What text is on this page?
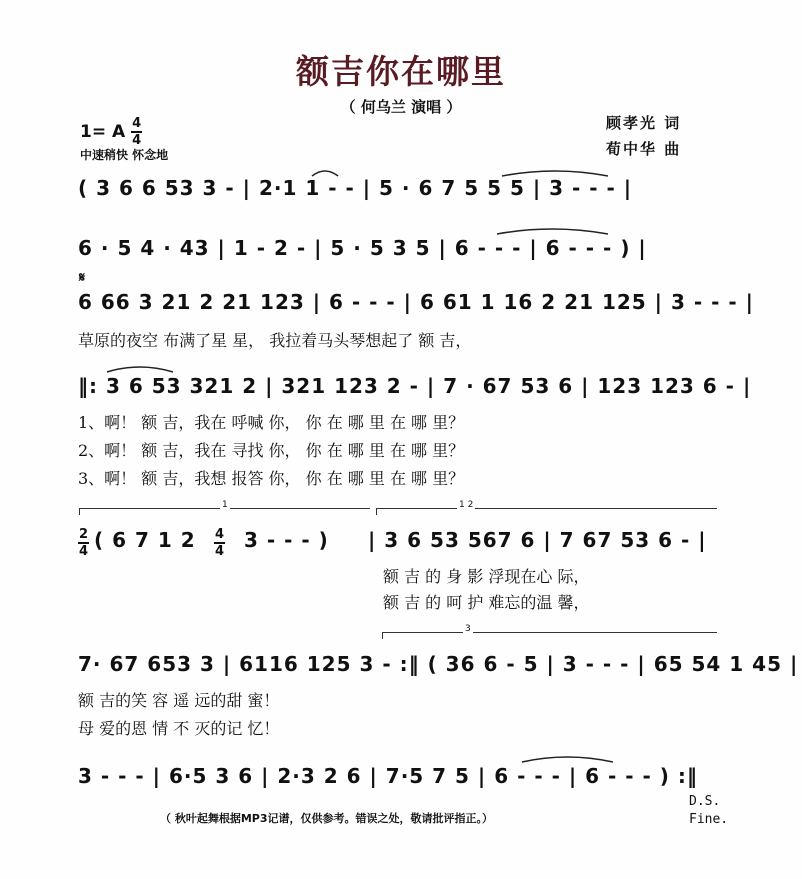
额吉你在哪里
（ 何乌兰 演唱 ）
1= A $\frac{4}{4}$
中速稍快 怀念地
顾孝光 词
荀中华 曲
( 3 6 6 53 3 - | 2·1 1 - - | 5 · 6 7 5 5 5 | 3 - - - |
6 · 5 4 · 43 | 1 - 2 - | 5 · 5 3 5 | 6 - - - | 6 - - - ) |
𝄋
6 66 3 21 2 21 123 | 6 - - - | 6 61 1 16 2 21 125 | 3 - - - |
草原的夜空 布满了星 星， 我拉着马头琴想起了 额 吉，
‖: 3 6 53 321 2 | 321 123 2 - | 7 · 67 53 6 | 123 123 6 - |
1、啊！ 额 吉，我在 呼喊 你， 你 在 哪 里 在 哪 里？
2、啊！ 额 吉，我在 寻找 你， 你 在 哪 里 在 哪 里？
3、啊！ 额 吉，我想 报答 你， 你 在 哪 里 在 哪 里？
1	1 2
2
4 ( 6 7 1 2 4
4 3 - - - ) | 3 6 53 567 6 | 7 67 53 6 - |
额 吉 的 身 影 浮现在心 际，
额 吉 的 呵 护 难忘的温 馨，
3
7· 67 653 3 | 6116 125 3 - :‖ ( 36 6 - 5 | 3 - - - | 65 54 1 45 |
额 吉的笑 容 遥 远的甜 蜜！
母 爱的恩 情 不 灭的记 忆！
3 - - - | 6·5 3 6 | 2·3 2 6 | 7·5 7 5 | 6 - - - | 6 - - - ) :‖
D.S.
Fine.
（ 秋叶起舞根据MP3记谱，仅供参考。错误之处，敬请批评指正。）
